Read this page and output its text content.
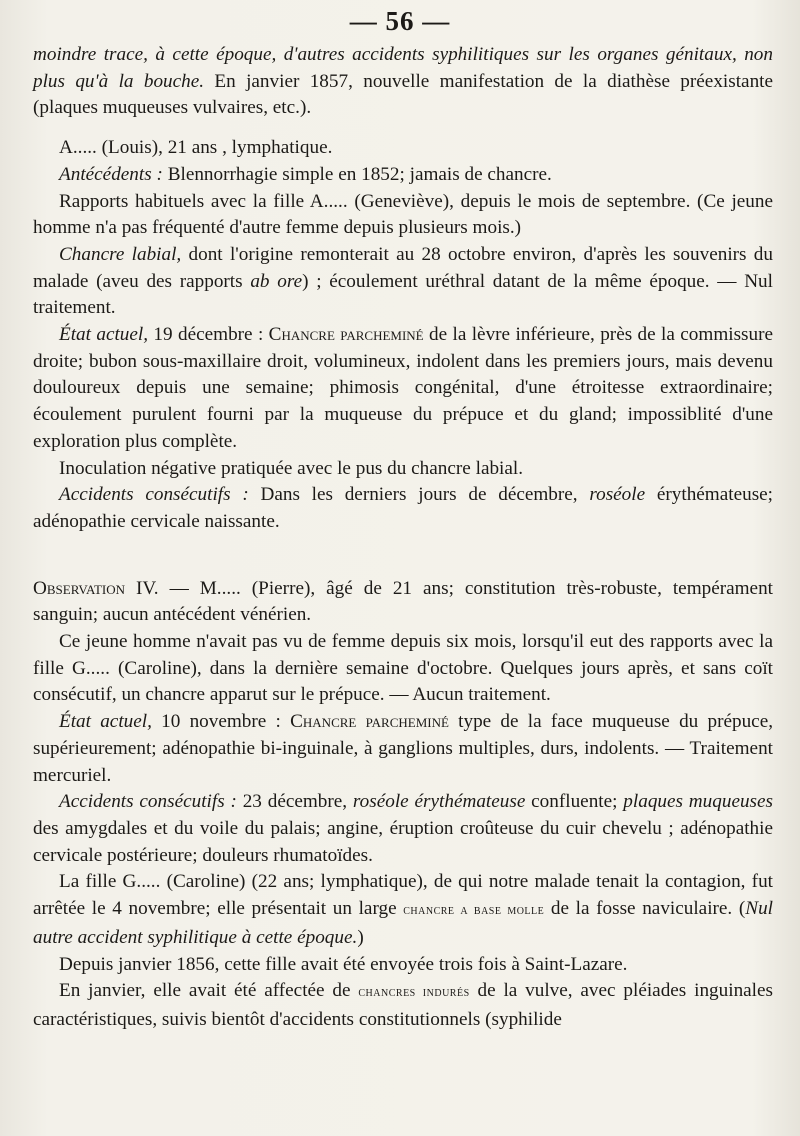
— 56 —

moindre trace, à cette époque, d'autres accidents syphilitiques sur les organes génitaux, non plus qu'à la bouche. En janvier 1857, nouvelle manifestation de la diathèse préexistante (plaques muqueuses vulvaires, etc.).

A..... (Louis), 21 ans , lymphatique.

Antécédents : Blennorrhagie simple en 1852; jamais de chancre.

Rapports habituels avec la fille A..... (Geneviève), depuis le mois de septembre. (Ce jeune homme n'a pas fréquenté d'autre femme depuis plusieurs mois.)

Chancre labial, dont l'origine remonterait au 28 octobre environ, d'après les souvenirs du malade (aveu des rapports ab ore) ; écoulement uréthral datant de la même époque. — Nul traitement.

État actuel, 19 décembre : Chancre parcheminé de la lèvre inférieure, près de la commissure droite; bubon sous-maxillaire droit, volumineux, indolent dans les premiers jours, mais devenu douloureux depuis une semaine; phimosis congénital, d'une étroitesse extraordinaire; écoulement purulent fourni par la muqueuse du prépuce et du gland; impossiblité d'une exploration plus complète.

Inoculation négative pratiquée avec le pus du chancre labial.

Accidents consécutifs : Dans les derniers jours de décembre, roséole érythémateuse; adénopathie cervicale naissante.

Observation IV. — M..... (Pierre), âgé de 21 ans; constitution très-robuste, tempérament sanguin; aucun antécédent vénérien.

Ce jeune homme n'avait pas vu de femme depuis six mois, lorsqu'il eut des rapports avec la fille G..... (Caroline), dans la dernière semaine d'octobre. Quelques jours après, et sans coït consécutif, un chancre apparut sur le prépuce. — Aucun traitement.

État actuel, 10 novembre : Chancre parcheminé type de la face muqueuse du prépuce, supérieurement; adénopathie bi-inguinale, à ganglions multiples, durs, indolents. — Traitement mercuriel.

Accidents consécutifs : 23 décembre, roséole érythémateuse confluente; plaques muqueuses des amygdales et du voile du palais; angine, éruption croûteuse du cuir chevelu ; adénopathie cervicale postérieure; douleurs rhumatoïdes.

La fille G..... (Caroline) (22 ans; lymphatique), de qui notre malade tenait la contagion, fut arrêtée le 4 novembre; elle présentait un large chancre a base molle de la fosse naviculaire. (Nul autre accident syphilitique à cette époque.)

Depuis janvier 1856, cette fille avait été envoyée trois fois à Saint-Lazare.

En janvier, elle avait été affectée de chancres indurés de la vulve, avec pléiades inguinales caractéristiques, suivis bientôt d'accidents constitutionnels (syphilide
